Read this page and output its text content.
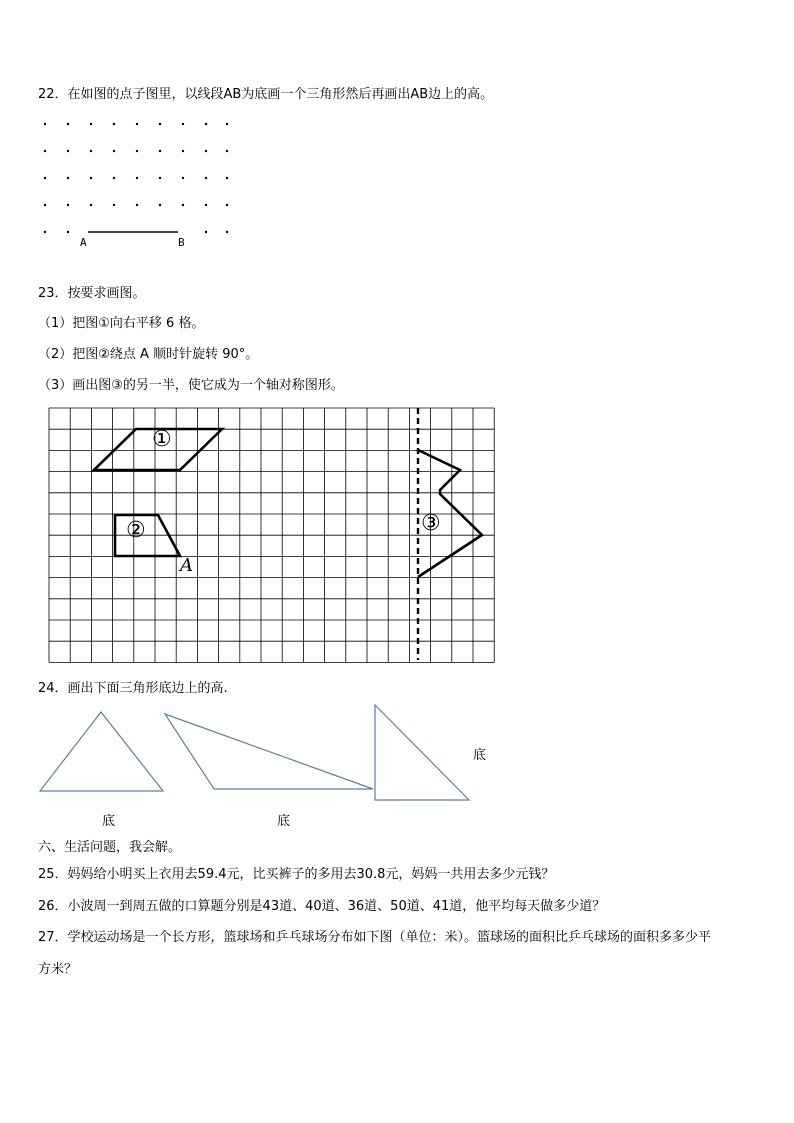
22．在如图的点子图里，以线段AB为底画一个三角形然后再画出AB边上的高。
A	B
23．按要求画图。
（1）把图①向右平移 6 格。
（2）把图②绕点 A 顺时针旋转 90°。
（3）画出图③的另一半，使它成为一个轴对称图形。
①
②	③
A
24．画出下面三角形底边上的高.
底	底
底
六、生活问题，我会解。
25．妈妈给小明买上衣用去59.4元，比买裤子的多用去30.8元，妈妈一共用去多少元钱？
26．小波周一到周五做的口算题分别是43道、40道、36道、50道、41道，他平均每天做多少道？
27．学校运动场是一个长方形，篮球场和乒乓球场分布如下图（单位：米）。篮球场的面积比乒乓球场的面积多多少平
方米？
